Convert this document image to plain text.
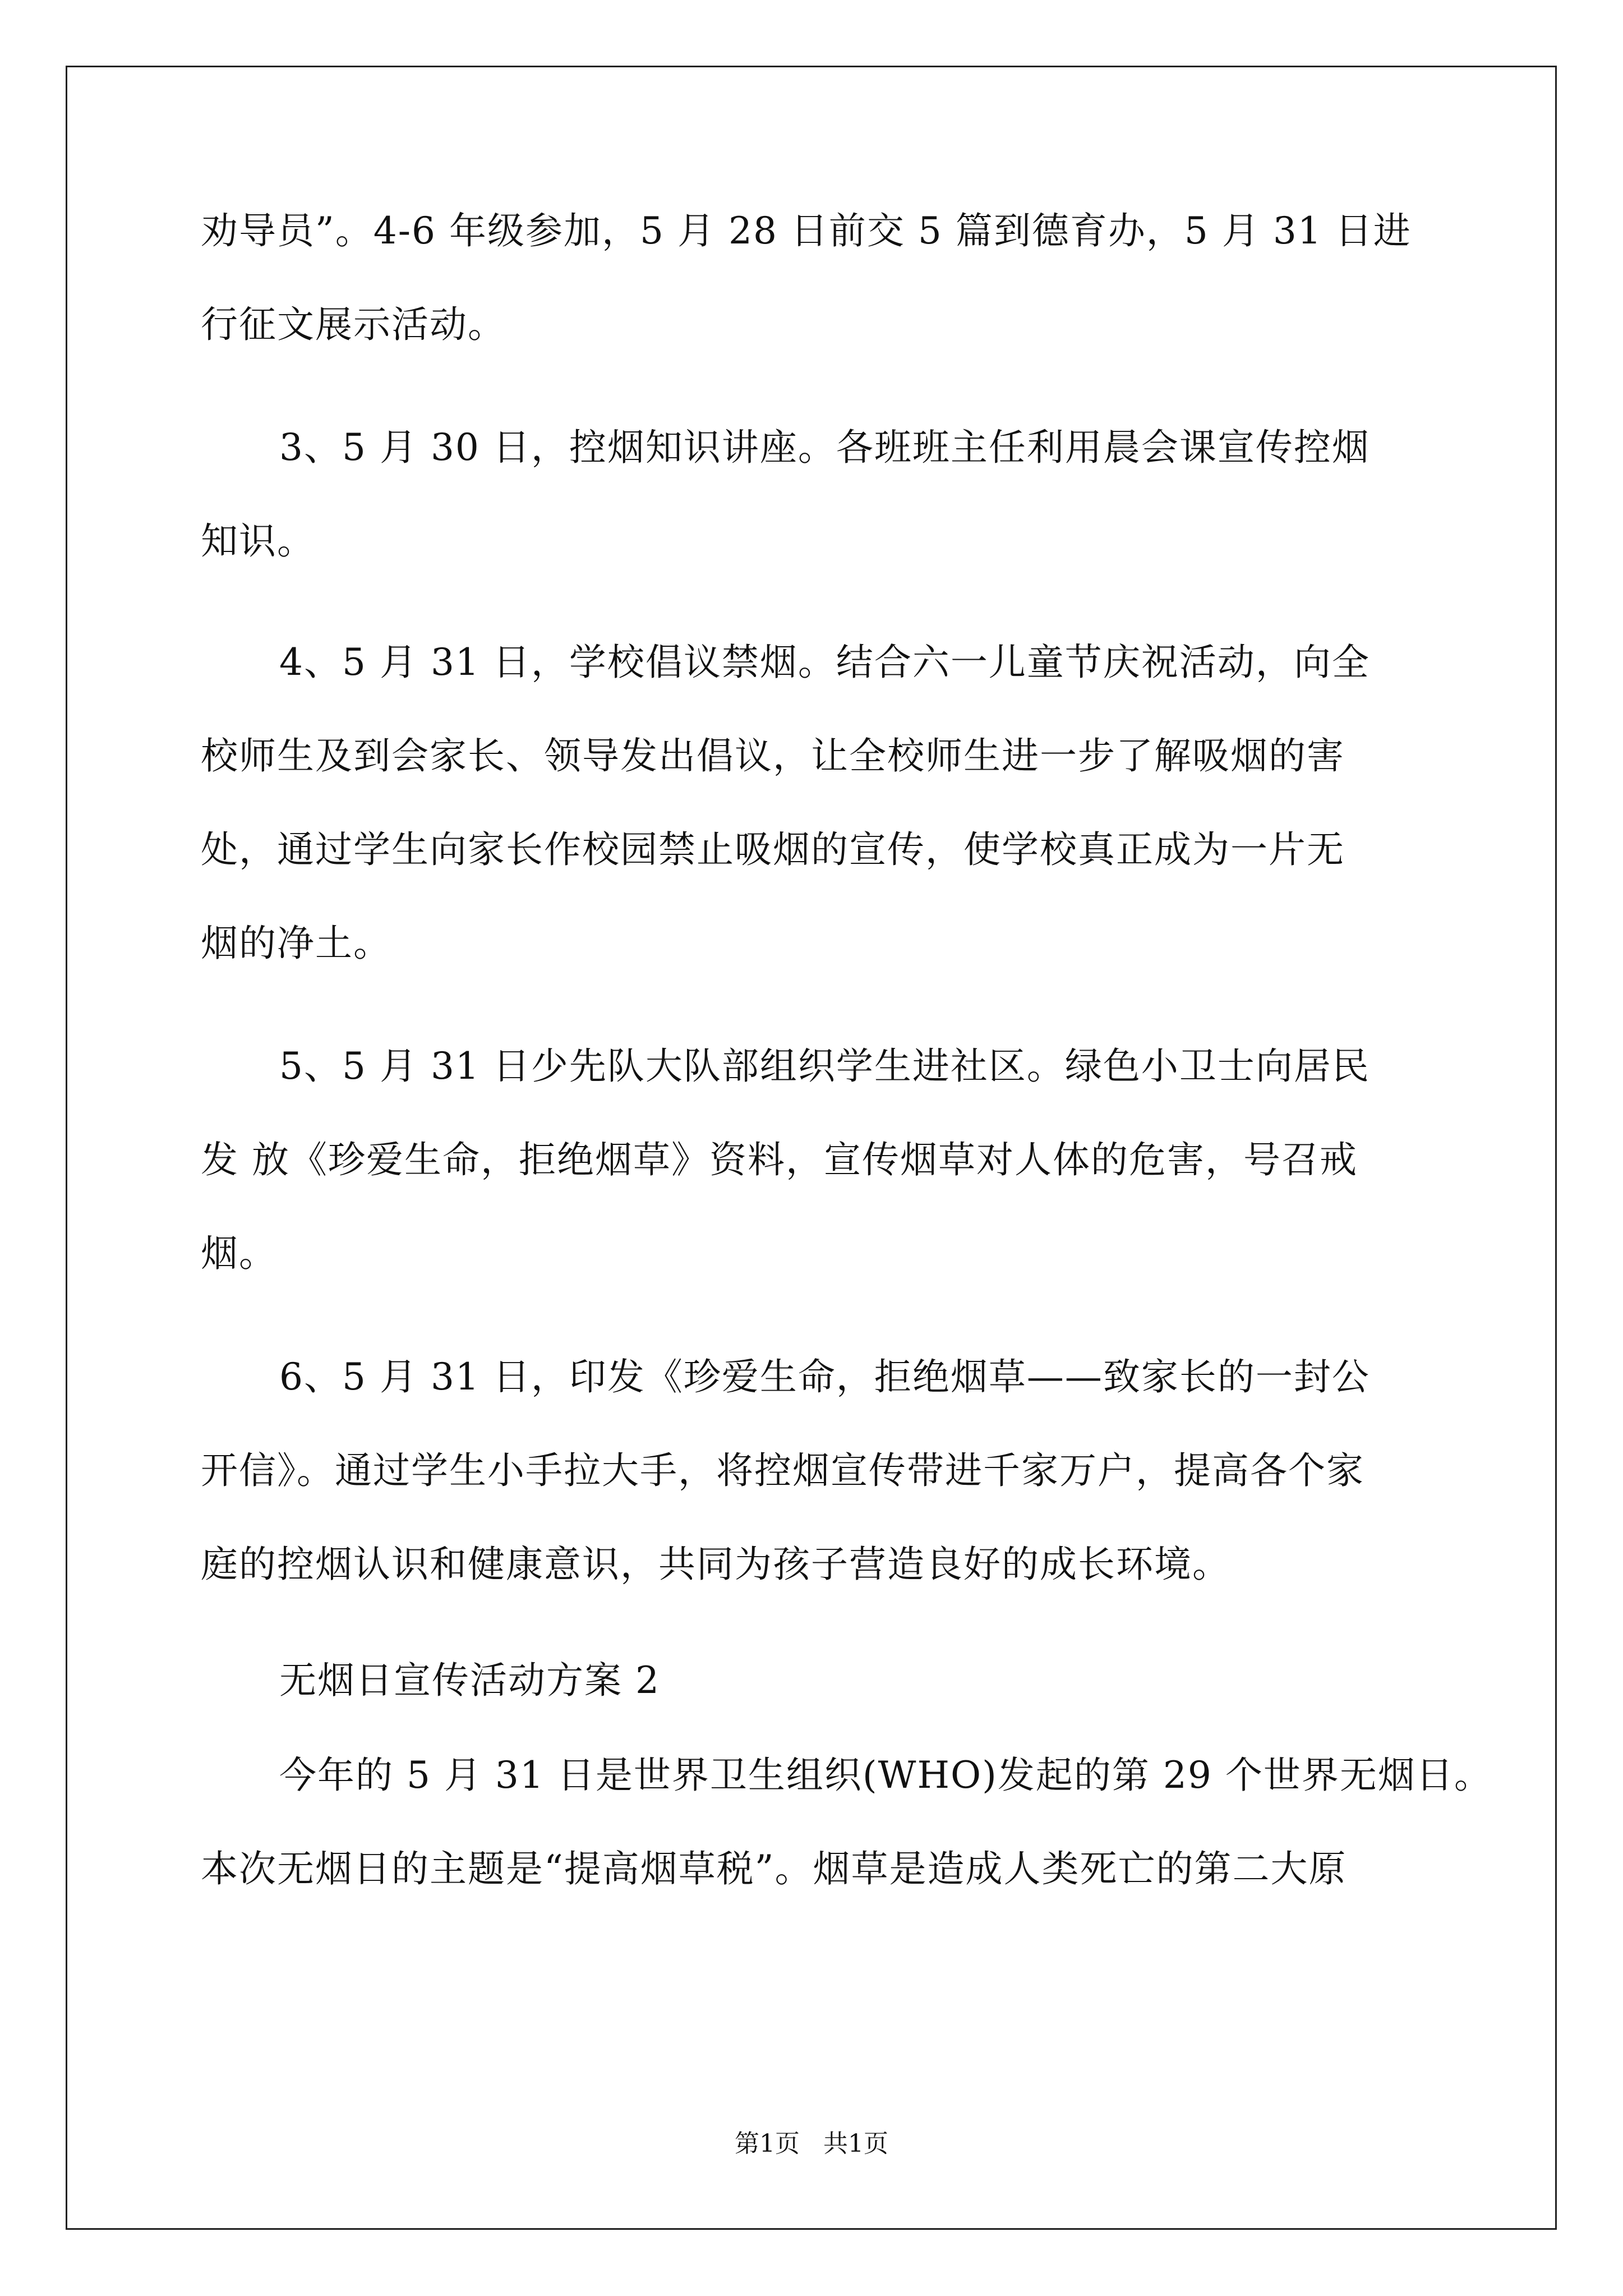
劝导员”。4-6 年级参加，5 月 28 日前交 5 篇到德育办，5 月 31 日进
行征文展示活动。
3、5 月 30 日，控烟知识讲座。各班班主任利用晨会课宣传控烟
知识。
4、5 月 31 日，学校倡议禁烟。结合六一儿童节庆祝活动，向全
校师生及到会家长、领导发出倡议，让全校师生进一步了解吸烟的害
处，通过学生向家长作校园禁止吸烟的宣传，使学校真正成为一片无
烟的净土。
5、5 月 31 日少先队大队部组织学生进社区。绿色小卫士向居民
发 放《珍爱生命，拒绝烟草》资料，宣传烟草对人体的危害，号召戒
烟。
6、5 月 31 日，印发《珍爱生命，拒绝烟草——致家长的一封公
开信》。通过学生小手拉大手，将控烟宣传带进千家万户，提高各个家
庭的控烟认识和健康意识，共同为孩子营造良好的成长环境。
无烟日宣传活动方案 2
今年的 5 月 31 日是世界卫生组织(WHO)发起的第 29 个世界无烟日。
本次无烟日的主题是“提高烟草税”。烟草是造成人类死亡的第二大原
第1页   共1页
